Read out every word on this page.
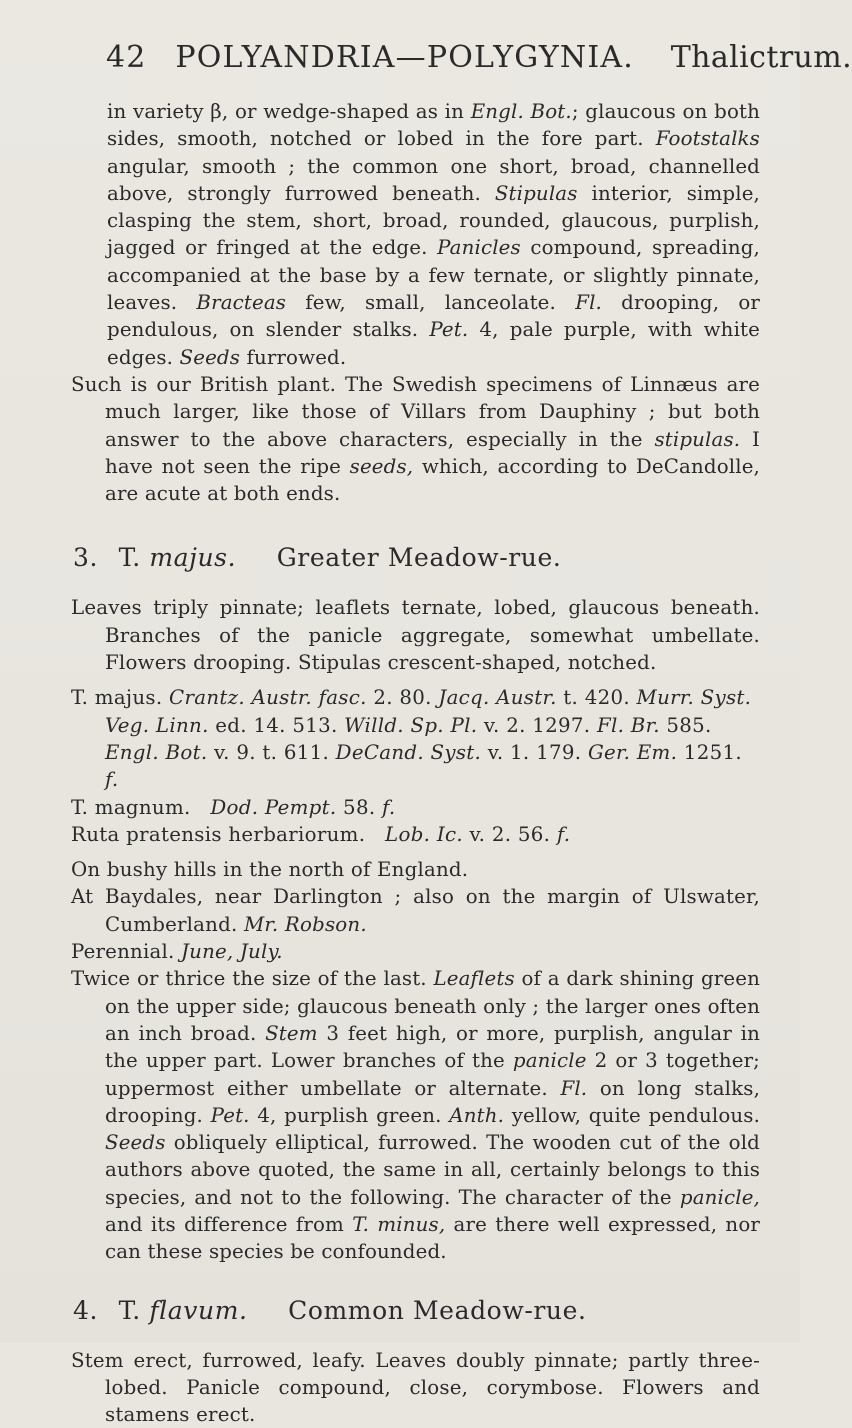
42 POLYANDRIA—POLYGYNIA. Thalictrum.

in variety β, or wedge-shaped as in Engl. Bot.; glaucous on both sides, smooth, notched or lobed in the fore part. Footstalks angular, smooth ; the common one short, broad, channelled above, strongly furrowed beneath. Stipulas interior, simple, clasping the stem, short, broad, rounded, glaucous, purplish, jagged or fringed at the edge. Panicles compound, spreading, accompanied at the base by a few ternate, or slightly pinnate, leaves. Bracteas few, small, lanceolate. Fl. drooping, or pendulous, on slender stalks. Pet. 4, pale purple, with white edges. Seeds furrowed.

Such is our British plant. The Swedish specimens of Linnæus are much larger, like those of Villars from Dauphiny ; but both answer to the above characters, especially in the stipulas. I have not seen the ripe seeds, which, according to DeCandolle, are acute at both ends.

3. T. majus. Greater Meadow-rue.

Leaves triply pinnate; leaflets ternate, lobed, glaucous beneath. Branches of the panicle aggregate, somewhat umbellate. Flowers drooping. Stipulas crescent-shaped, notched.

T. majus. Crantz. Austr. fasc. 2. 80. Jacq. Austr. t. 420. Murr. Syst. Veg. Linn. ed. 14. 513. Willd. Sp. Pl. v. 2. 1297. Fl. Br. 585. Engl. Bot. v. 9. t. 611. DeCand. Syst. v. 1. 179. Ger. Em. 1251. f.

T. magnum. Dod. Pempt. 58. f.

Ruta pratensis herbariorum. Lob. Ic. v. 2. 56. f.

On bushy hills in the north of England.

At Baydales, near Darlington ; also on the margin of Ulswater, Cumberland. Mr. Robson.

Perennial. June, July.

Twice or thrice the size of the last. Leaflets of a dark shining green on the upper side; glaucous beneath only ; the larger ones often an inch broad. Stem 3 feet high, or more, purplish, angular in the upper part. Lower branches of the panicle 2 or 3 together; uppermost either umbellate or alternate. Fl. on long stalks, drooping. Pet. 4, purplish green. Anth. yellow, quite pendulous. Seeds obliquely elliptical, furrowed. The wooden cut of the old authors above quoted, the same in all, certainly belongs to this species, and not to the following. The character of the panicle, and its difference from T. minus, are there well expressed, nor can these species be confounded.

4. T. flavum. Common Meadow-rue.

Stem erect, furrowed, leafy. Leaves doubly pinnate; partly three-lobed. Panicle compound, close, corymbose. Flowers and stamens erect.
